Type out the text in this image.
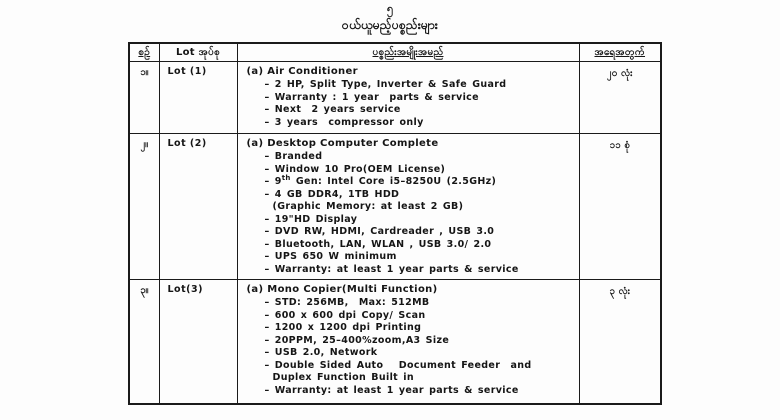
၅
ဝယ်ယူမည့်ပစ္စည်းများ
စဉ်	Lot အုပ်စု	ပစ္စည်းအမျိုးအမည်	အရေအတွက်
၁။	Lot (1)	(a) Air Conditioner
– 2 HP, Split Type, Inverter & Safe Guard
– Warranty : 1 year  parts & service
– Next  2 years service
– 3 years  compressor only	၂၀ လုံး
၂။	Lot (2)	(a) Desktop Computer Complete
– Branded
– Window 10 Pro(OEM License)
– 9th Gen: Intel Core i5–8250U (2.5GHz)
– 4 GB DDR4, 1TB HDD
(Graphic Memory: at least 2 GB)
– 19"HD Display
– DVD RW, HDMI, Cardreader , USB 3.0
– Bluetooth, LAN, WLAN , USB 3.0/ 2.0
– UPS 650 W minimum
– Warranty: at least 1 year parts & service
	၁၁ စုံ
၃။	Lot(3)	(a) Mono Copier(Multi Function)
– STD: 256MB,  Max: 512MB
– 600 x 600 dpi Copy/ Scan
– 1200 x 1200 dpi Printing
– 20PPM, 25–400%zoom,A3 Size
– USB 2.0, Network
– Double Sided Auto   Document Feeder  and
Duplex Function Built in
– Warranty: at least 1 year parts & service
	၃ လုံး
